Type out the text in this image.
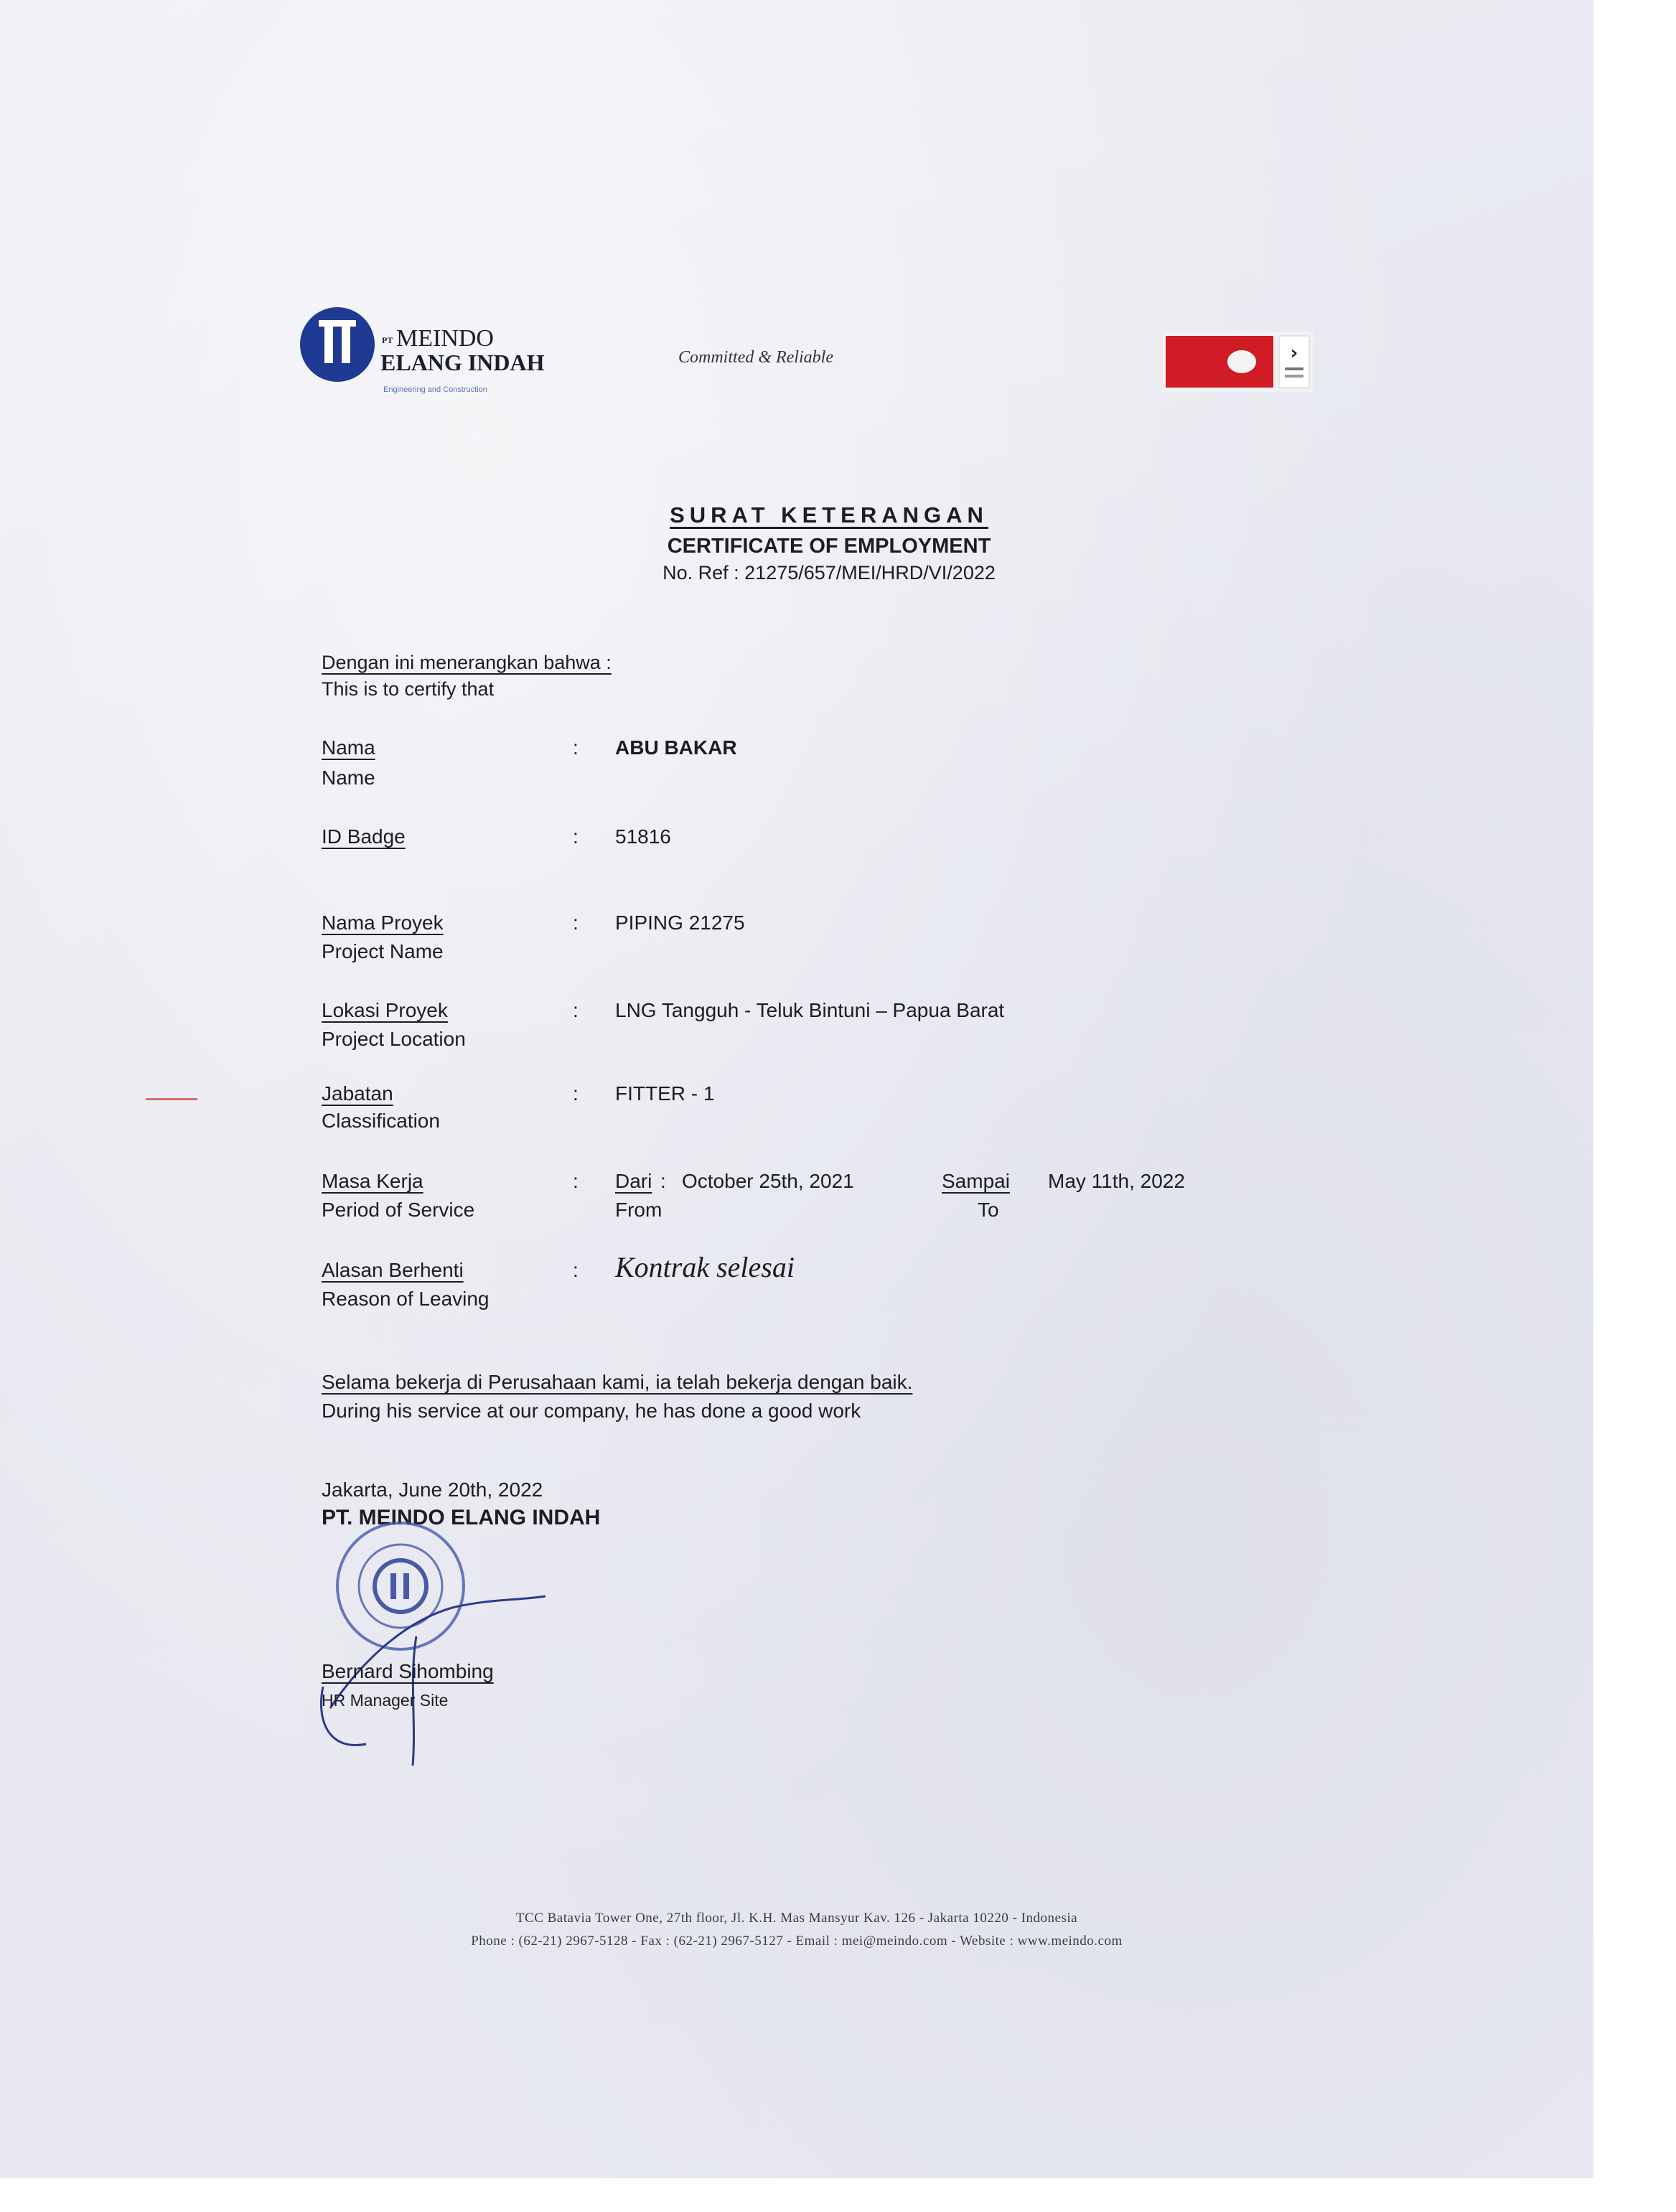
PT MEINDO
ELANG INDAH
Engineering and Construction
Committed & Reliable	›
SURAT KETERANGAN
CERTIFICATE OF EMPLOYMENT
No. Ref : 21275/657/MEI/HRD/VI/2022
Dengan ini menerangkan bahwa :
This is to certify that
Nama
Name
: ABU BAKAR
ID Badge	: 51816
Nama Proyek
Project Name
: PIPING 21275
Lokasi Proyek
Project Location
: LNG Tangguh - Teluk Bintuni – Papua Barat
Jabatan
Classification
: FITTER - 1
Masa Kerja
Period of Service
: Dari : October 25th, 2021
From
Sampai
To
May 11th, 2022
Alasan Berhenti
Reason of Leaving
: Kontrak selesai
Selama bekerja di Perusahaan kami, ia telah bekerja dengan baik.
During his service at our company, he has done a good work
Jakarta, June 20th, 2022
PT. MEINDO ELANG INDAH
Bernard Sihombing
HR Manager Site
TCC Batavia Tower One, 27th floor, Jl. K.H. Mas Mansyur Kav. 126 - Jakarta 10220 - Indonesia
Phone : (62-21) 2967-5128 - Fax : (62-21) 2967-5127 - Email : mei@meindo.com - Website : www.meindo.com
